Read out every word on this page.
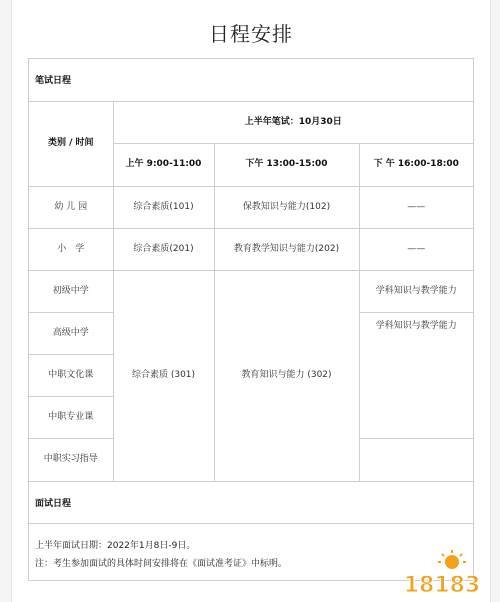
日程安排
笔试日程
类别 / 时间	上半年笔试：10月30日		
	上午 9:00-11:00	下午 13:00-15:00	下 午 16:00-18:00
幼 儿 园	综合素质(101)	保教知识与能力(102)	——
小　学	综合素质(201)	教育教学知识与能力(202)	——
初级中学	综合素质 (301)	教育知识与能力 (302)	学科知识与教学能力
高级中学			学科知识与教学能力
中职文化课			
中职专业课			
中职实习指导			
面试日程
上半年面试日期：2022年1月8日-9日。
注：考生参加面试的具体时间安排将在《面试准考证》中标明。
18183
